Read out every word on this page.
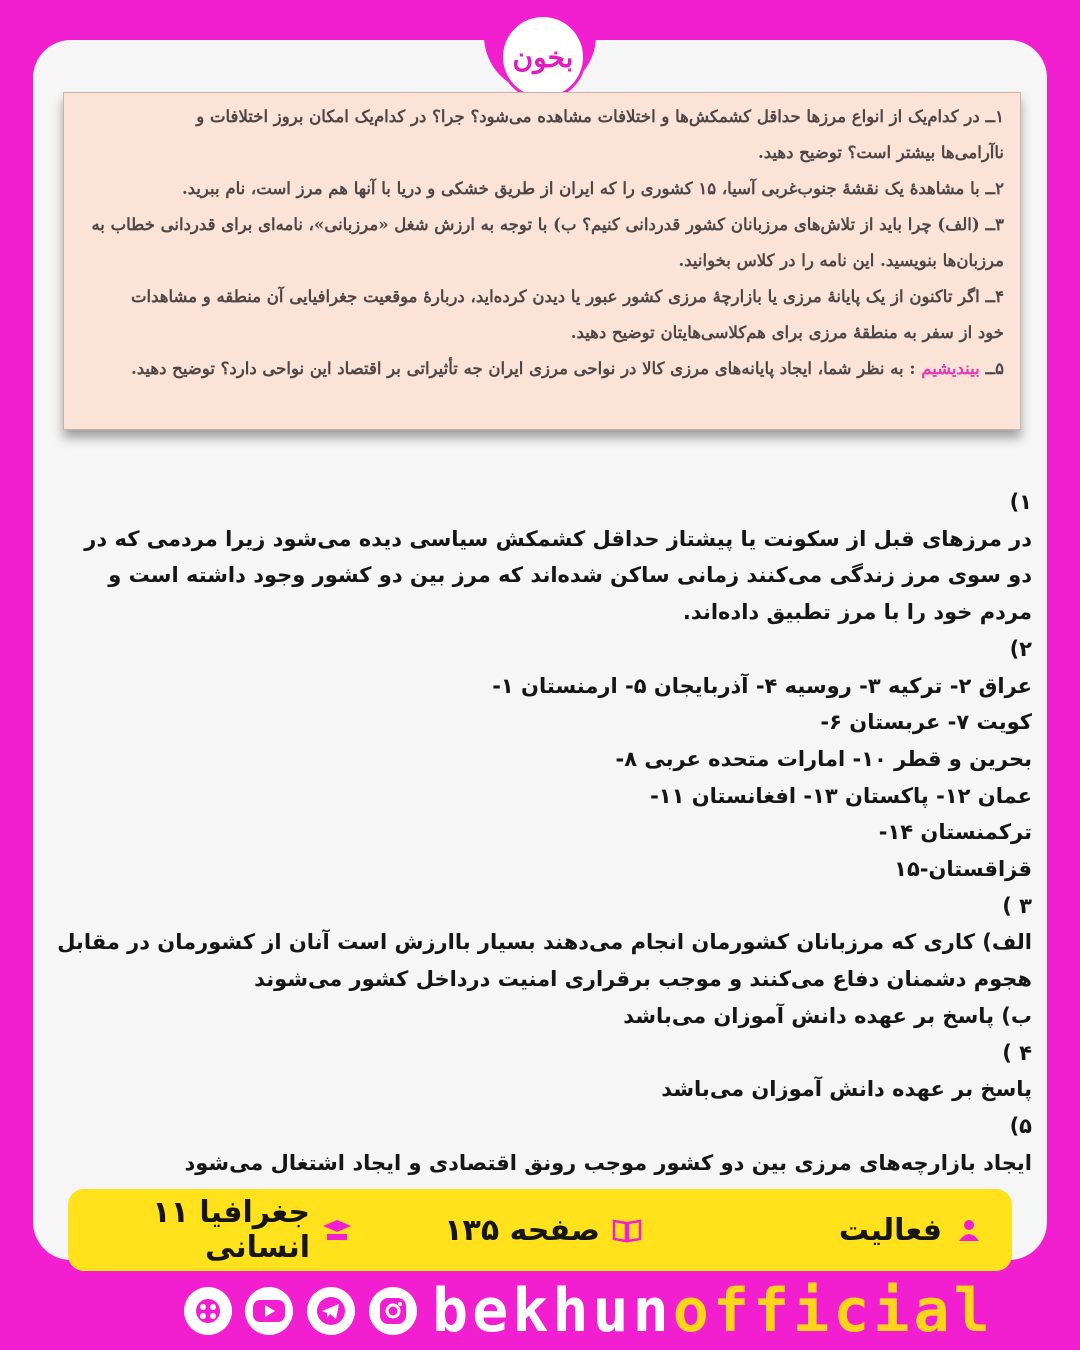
بخون

۱ــ در کدام‌یک از انواع مرزها حداقل کشمکش‌ها و اختلافات مشاهده می‌شود؟ جرا؟ در کدام‌یک امکان بروز اختلافات و

ناآرامی‌ها بیشتر است؟ توضیح دهید.

۲ــ با مشاهدهٔ یک نقشهٔ جنوب‌غربی آسیا، ۱۵ کشوری را که ایران از طریق خشکی و دریا با آنها هم مرز است، نام ببرید.

۳ــ (الف) چرا باید از تلاش‌های مرزبانان کشور قدردانی کنیم؟ ب) با توجه به ارزش شغل «مرزبانی»، نامه‌ای برای قدردانی خطاب به

مرزبان‌ها بنویسید. این نامه را در کلاس بخوانید.

۴ــ اگر تاکنون از یک پایانهٔ مرزی یا بازارچهٔ مرزی کشور عبور یا دیدن کرده‌اید، دربارهٔ موقعیت جغرافیایی آن منطقه و مشاهدات

خود از سفر به منطقهٔ مرزی برای هم‌کلاسی‌هایتان توضیح دهید.

۵ــ بیندیشیم : به نظر شما، ایجاد پایانه‌های مرزی کالا در نواحی مرزی ایران جه تأثیراتی بر اقتصاد این نواحی دارد؟ توضیح دهید.

۱)
در مرزهای قبل از سکونت یا پیشتاز حداقل کشمکش سیاسی دیده می‌شود زیرا مردمی که در
دو سوی مرز زندگی می‌کنند زمانی ساکن شده‌اند که مرز بین دو کشور وجود داشته است و
مردم خود را با مرز تطبیق داده‌اند.
۲)
عراق ۲- ترکیه ۳- روسیه ۴- آذربایجان ۵- ارمنستان ۱-
کویت ۷- عربستان ۶-
بحرین و قطر ۱۰- امارات متحده عربی ۸-
عمان ۱۲- پاکستان ۱۳- افغانستان ۱۱-
ترکمنستان ۱۴-
قزاقستان-۱۵
۳ )
الف) کاری که مرزبانان کشورمان انجام می‌دهند بسیار باارزش است آنان از کشورمان در مقابل
هجوم دشمنان دفاع می‌کنند و موجب برقراری امنیت درداخل کشور می‌شوند
ب) پاسخ بر عهده دانش آموزان می‌باشد
۴ )
پاسخ بر عهده دانش آموزان می‌باشد
۵)
ایجاد بازارچه‌های مرزی بین دو کشور موجب رونق اقتصادی و ایجاد اشتغال می‌شود
فعالیت
صفحه ۱۳۵
جغرافیا ۱۱ انسانی
bekhunofficial
